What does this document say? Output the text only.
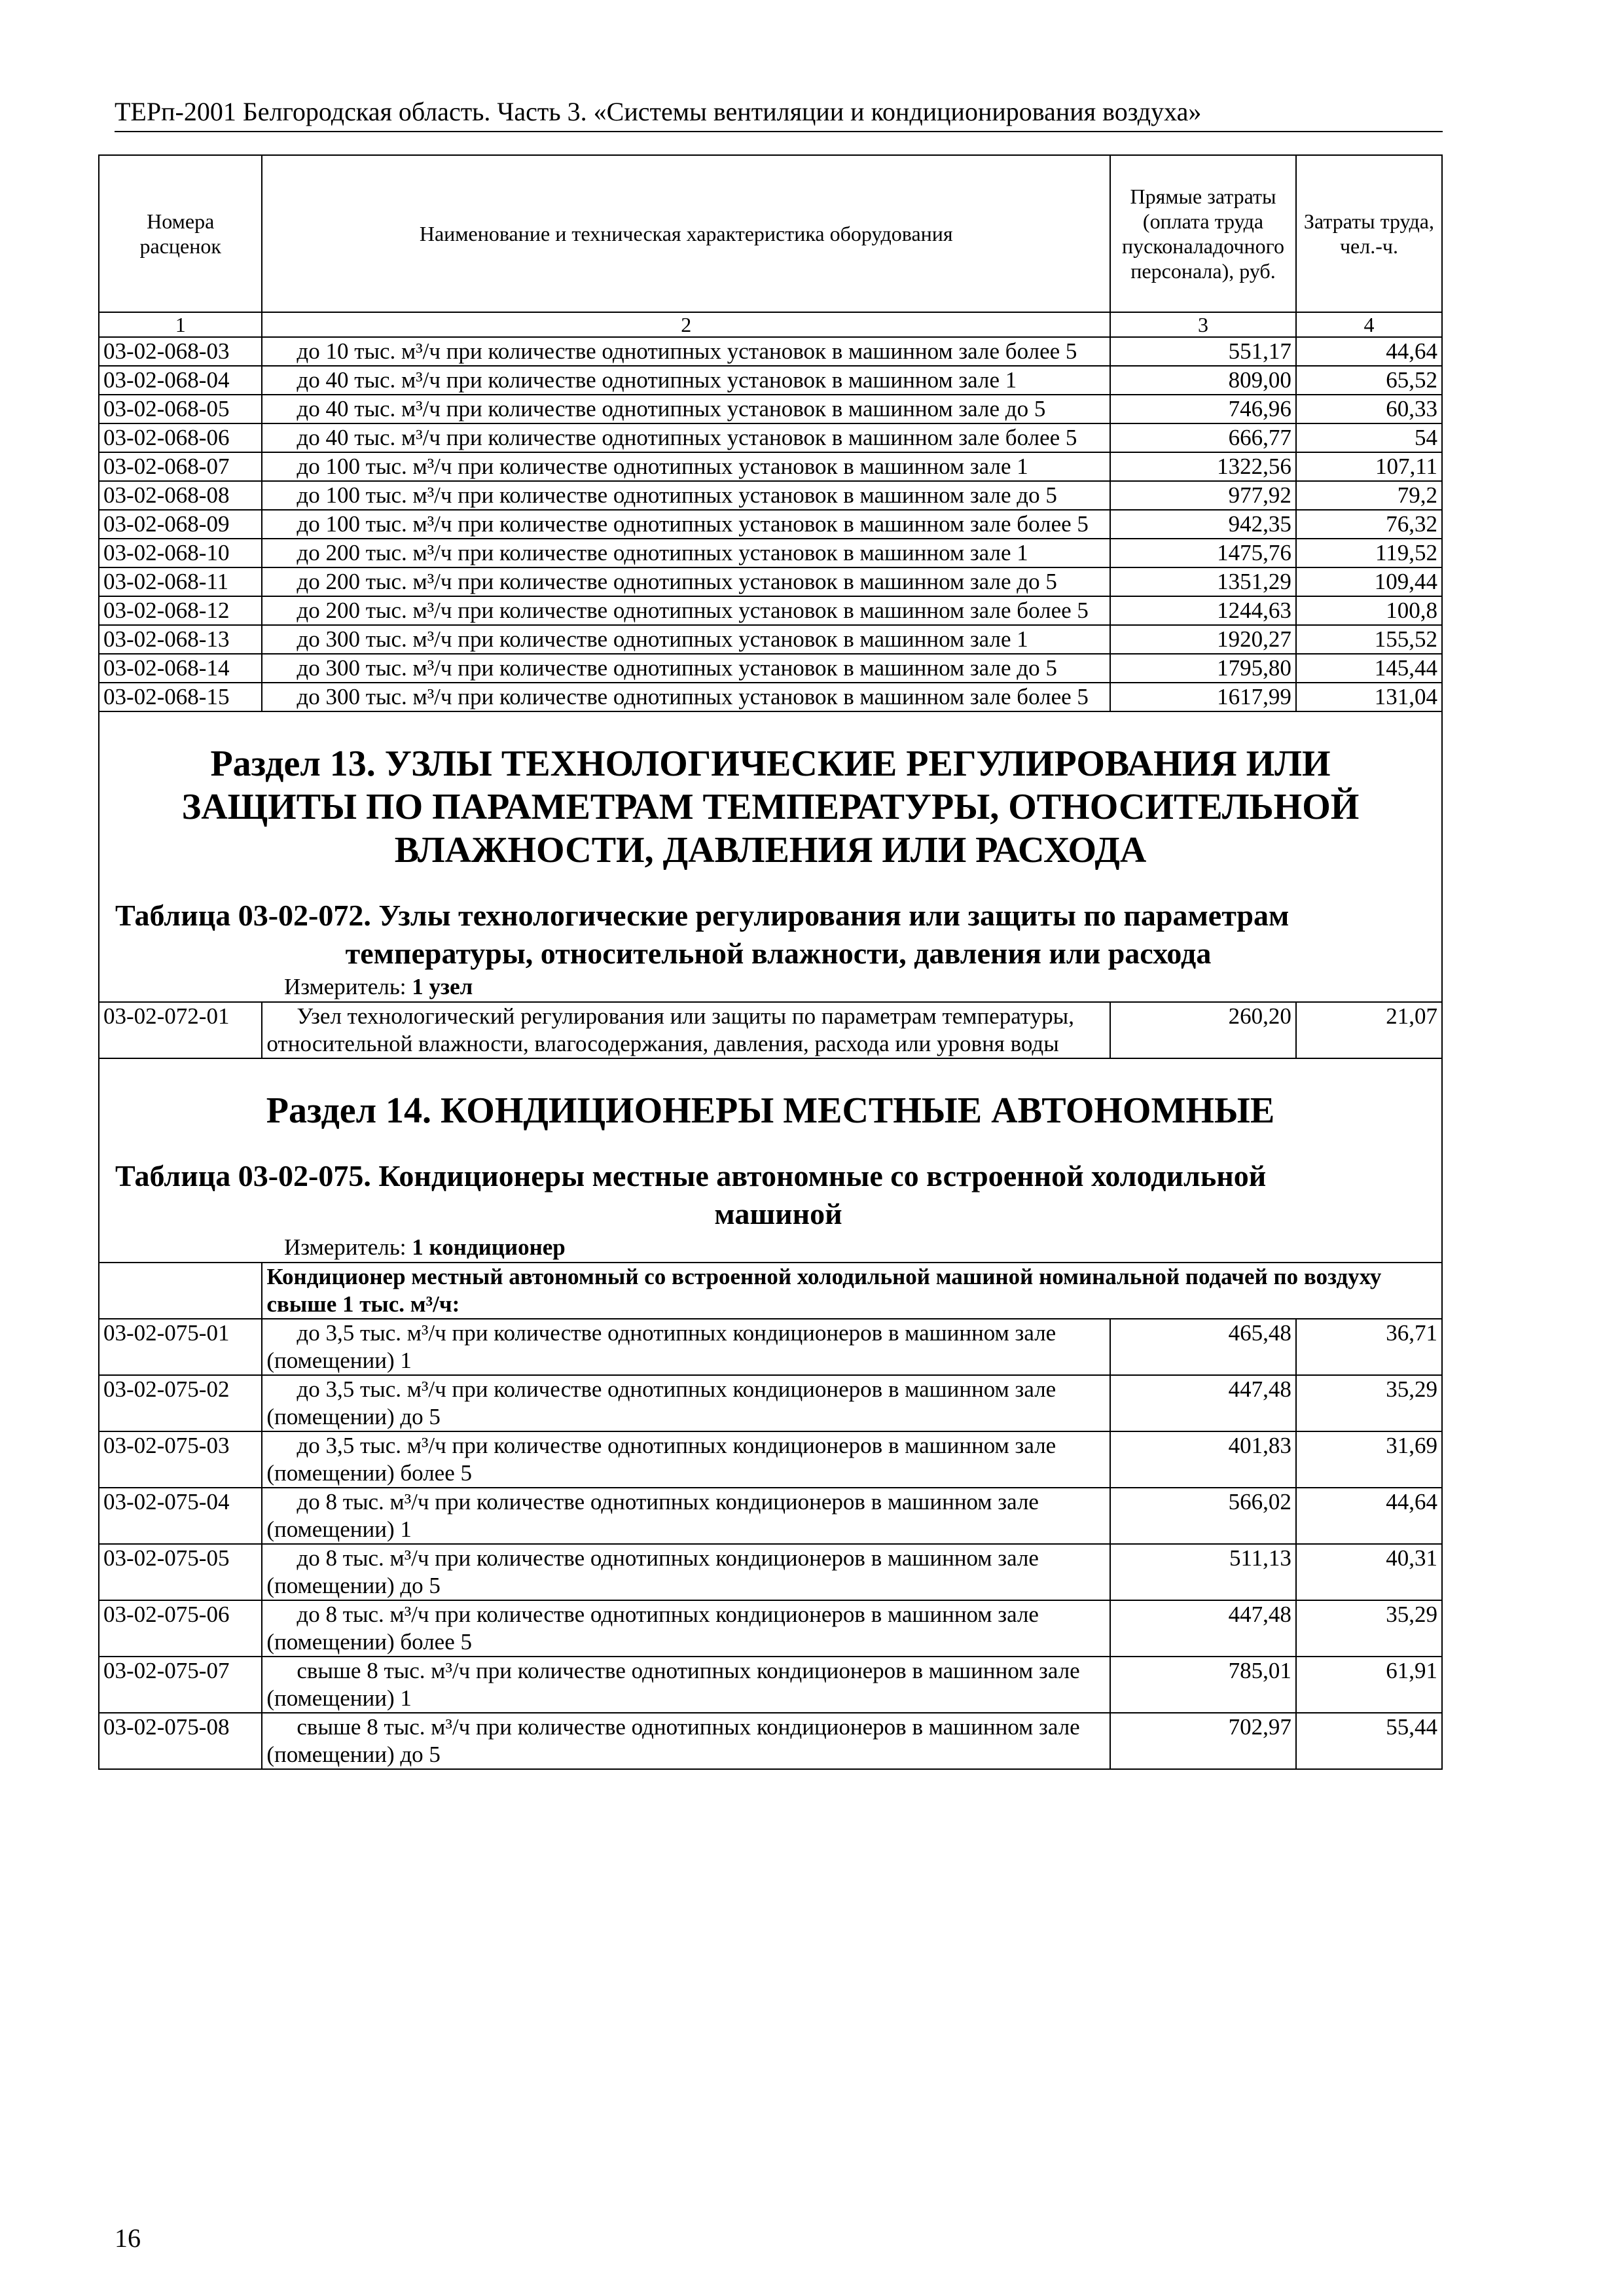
ТЕРп-2001 Белгородская область. Часть 3. «Системы вентиляции и кондиционирования воздуха»
Номера расценок	Наименование и техническая характеристика оборудования	Прямые затраты (оплата труда пусконаладочного персонала), руб.	Затраты труда, чел.-ч.
1	2	3	4
03-02-068-03	до 10 тыс. м³/ч при количестве однотипных установок в машинном зале более 5	551,17	44,64
03-02-068-04	до 40 тыс. м³/ч при количестве однотипных установок в машинном зале 1	809,00	65,52
03-02-068-05	до 40 тыс. м³/ч при количестве однотипных установок в машинном зале до 5	746,96	60,33
03-02-068-06	до 40 тыс. м³/ч при количестве однотипных установок в машинном зале более 5	666,77	54
03-02-068-07	до 100 тыс. м³/ч при количестве однотипных установок в машинном зале 1	1322,56	107,11
03-02-068-08	до 100 тыс. м³/ч при количестве однотипных установок в машинном зале до 5	977,92	79,2
03-02-068-09	до 100 тыс. м³/ч при количестве однотипных установок в машинном зале более 5	942,35	76,32
03-02-068-10	до 200 тыс. м³/ч при количестве однотипных установок в машинном зале 1	1475,76	119,52
03-02-068-11	до 200 тыс. м³/ч при количестве однотипных установок в машинном зале до 5	1351,29	109,44
03-02-068-12	до 200 тыс. м³/ч при количестве однотипных установок в машинном зале более 5	1244,63	100,8
03-02-068-13	до 300 тыс. м³/ч при количестве однотипных установок в машинном зале 1	1920,27	155,52
03-02-068-14	до 300 тыс. м³/ч при количестве однотипных установок в машинном зале до 5	1795,80	145,44
03-02-068-15	до 300 тыс. м³/ч при количестве однотипных установок в машинном зале более 5	1617,99	131,04

Раздел 13. УЗЛЫ ТЕХНОЛОГИЧЕСКИЕ РЕГУЛИРОВАНИЯ ИЛИ ЗАЩИТЫ ПО ПАРАМЕТРАМ ТЕМПЕРАТУРЫ, ОТНОСИТЕЛЬНОЙ ВЛАЖНОСТИ, ДАВЛЕНИЯ ИЛИ РАСХОДА
Таблица 03-02-072. Узлы технологические регулирования или защиты по параметрам
температуры, относительной влажности, давления или расхода
Измеритель: 1 узел			

03-02-072-01	Узел технологический регулирования или защиты по параметрам температуры, относительной влажности, влагосодержания, давления, расхода или уровня воды	260,20	21,07

Раздел 14. КОНДИЦИОНЕРЫ МЕСТНЫЕ АВТОНОМНЫЕ
Таблица 03-02-075. Кондиционеры местные автономные со встроенной холодильной
машиной
Измеритель: 1 кондиционер			

	Кондиционер местный автономный со встроенной холодильной машиной номинальной подачей по воздуху свыше 1 тыс. м³/ч:		
03-02-075-01	до 3,5 тыс. м³/ч при количестве однотипных кондиционеров в машинном зале (помещении) 1	465,48	36,71
03-02-075-02	до 3,5 тыс. м³/ч при количестве однотипных кондиционеров в машинном зале (помещении) до 5	447,48	35,29
03-02-075-03	до 3,5 тыс. м³/ч при количестве однотипных кондиционеров в машинном зале (помещении) более 5	401,83	31,69
03-02-075-04	до 8 тыс. м³/ч при количестве однотипных кондиционеров в машинном зале (помещении) 1	566,02	44,64
03-02-075-05	до 8 тыс. м³/ч при количестве однотипных кондиционеров в машинном зале (помещении) до 5	511,13	40,31
03-02-075-06	до 8 тыс. м³/ч при количестве однотипных кондиционеров в машинном зале (помещении) более 5	447,48	35,29
03-02-075-07	свыше 8 тыс. м³/ч при количестве однотипных кондиционеров в машинном зале (помещении) 1	785,01	61,91
03-02-075-08	свыше 8 тыс. м³/ч при количестве однотипных кондиционеров в машинном зале (помещении) до 5	702,97	55,44
16
